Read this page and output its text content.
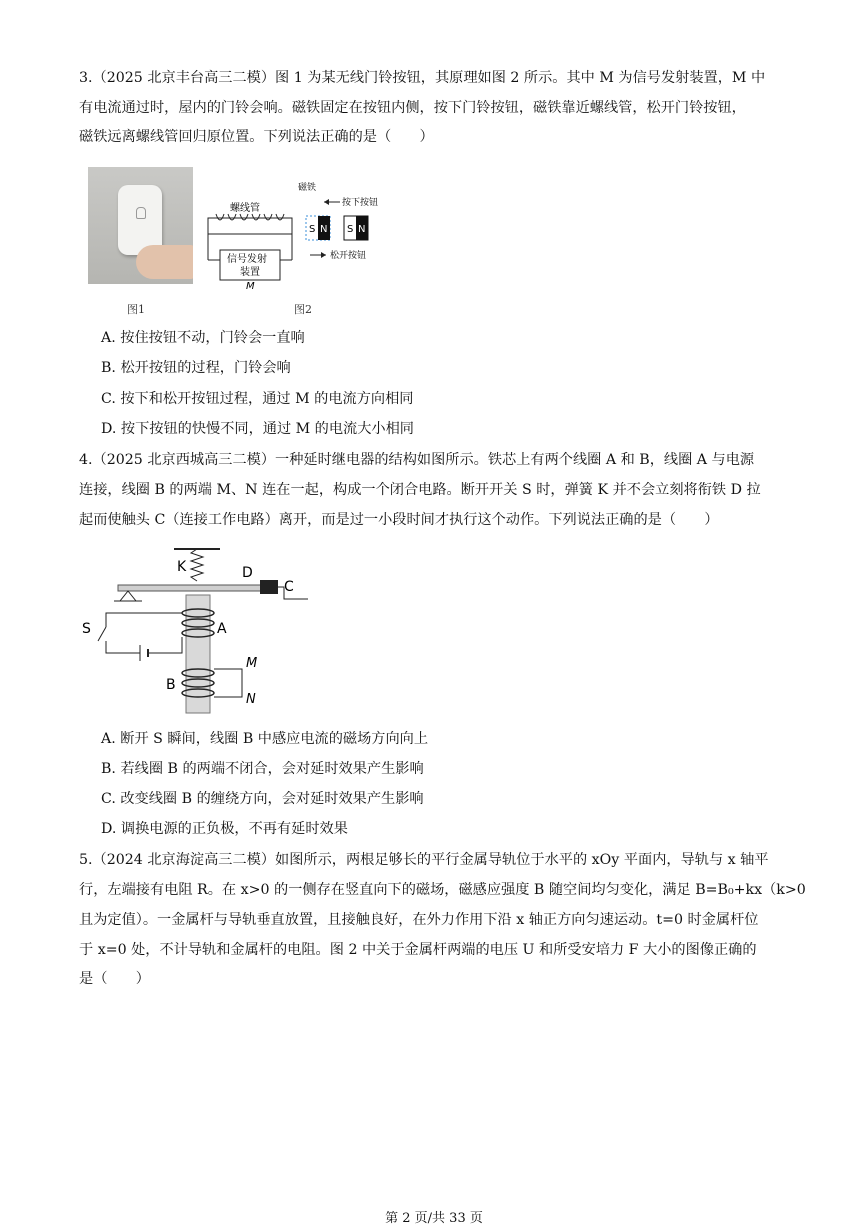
3.（2025 北京丰台高三二模）图 1 为某无线门铃按钮，其原理如图 2 所示。其中 M 为信号发射装置，M 中
有电流通过时，屋内的门铃会响。磁铁固定在按钮内侧，按下门铃按钮，磁铁靠近螺线管，松开门铃按钮，
磁铁远离螺线管回归原位置。下列说法正确的是（　　）
图1
螺线管
信号发射
装置
M
S N S N
磁铁
按下按钮
松开按钮
图2
A. 按住按钮不动，门铃会一直响
B. 松开按钮的过程，门铃会响
C. 按下和松开按钮过程，通过 M 的电流方向相同
D. 按下按钮的快慢不同，通过 M 的电流大小相同
4.（2025 北京西城高三二模）一种延时继电器的结构如图所示。铁芯上有两个线圈 A 和 B，线圈 A 与电源
连接，线圈 B 的两端 M、N 连在一起，构成一个闭合电路。断开开关 S 时，弹簧 K 并不会立刻将衔铁 D 拉
起而使触头 C（连接工作电路）离开，而是过一小段时间才执行这个动作。下列说法正确的是（　　）
K	D
C
A
S
B
M
N
A. 断开 S 瞬间，线圈 B 中感应电流的磁场方向向上
B. 若线圈 B 的两端不闭合，会对延时效果产生影响
C. 改变线圈 B 的缠绕方向，会对延时效果产生影响
D. 调换电源的正负极，不再有延时效果
5.（2024 北京海淀高三二模）如图所示，两根足够长的平行金属导轨位于水平的 xOy 平面内，导轨与 x 轴平
行，左端接有电阻 R。在 x>0 的一侧存在竖直向下的磁场，磁感应强度 B 随空间均匀变化，满足 B=B₀+kx（k>0
且为定值）。一金属杆与导轨垂直放置，且接触良好，在外力作用下沿 x 轴正方向匀速运动。t=0 时金属杆位
于 x=0 处，不计导轨和金属杆的电阻。图 2 中关于金属杆两端的电压 U 和所受安培力 F 大小的图像正确的
是（　　）
第 2 页/共 33 页
